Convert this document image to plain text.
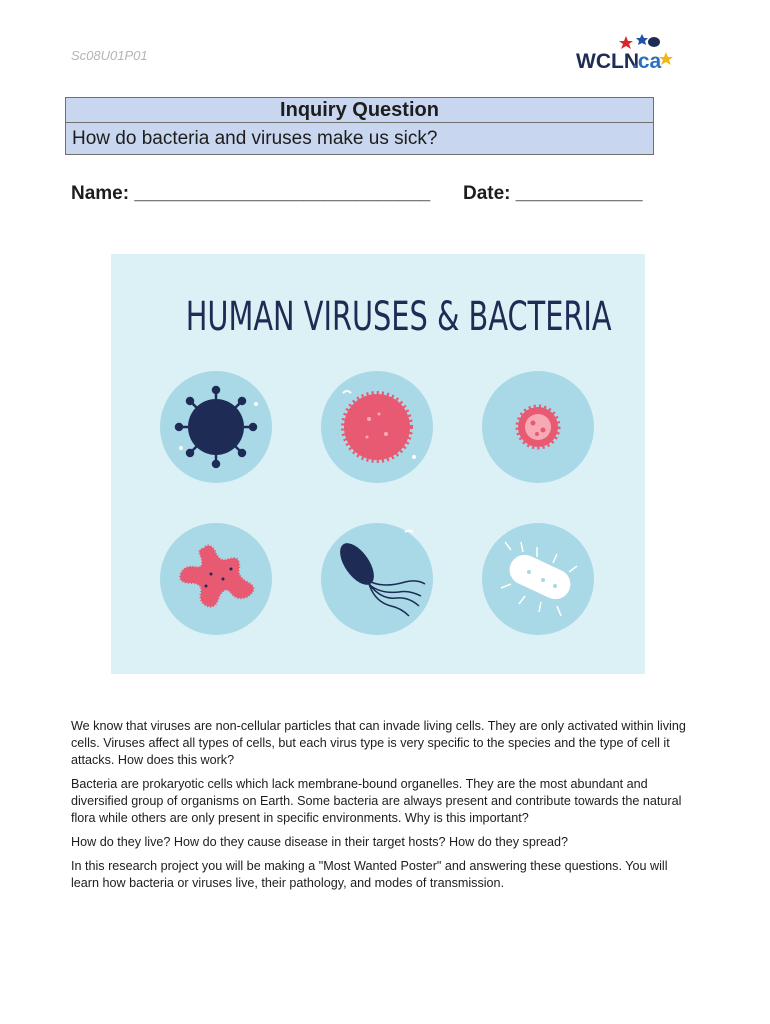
Sc08U01P01	WCLN
.ca
Inquiry Question
How do bacteria and viruses make us sick?
Name: ____________________________ Date: ____________
HUMAN VIRUSES & BACTERIA

We know that viruses are non-cellular particles that can invade living cells. They are only activated within living cells. Viruses affect all types of cells, but each virus type is very specific to the species and the type of cell it attacks. How does this work?

Bacteria are prokaryotic cells which lack membrane-bound organelles. They are the most abundant and diversified group of organisms on Earth. Some bacteria are always present and contribute towards the natural flora while others are only present in specific environments. Why is this important?

How do they live? How do they cause disease in their target hosts? How do they spread?

In this research project you will be making a "Most Wanted Poster" and answering these questions. You will learn how bacteria or viruses live, their pathology, and modes of transmission.
